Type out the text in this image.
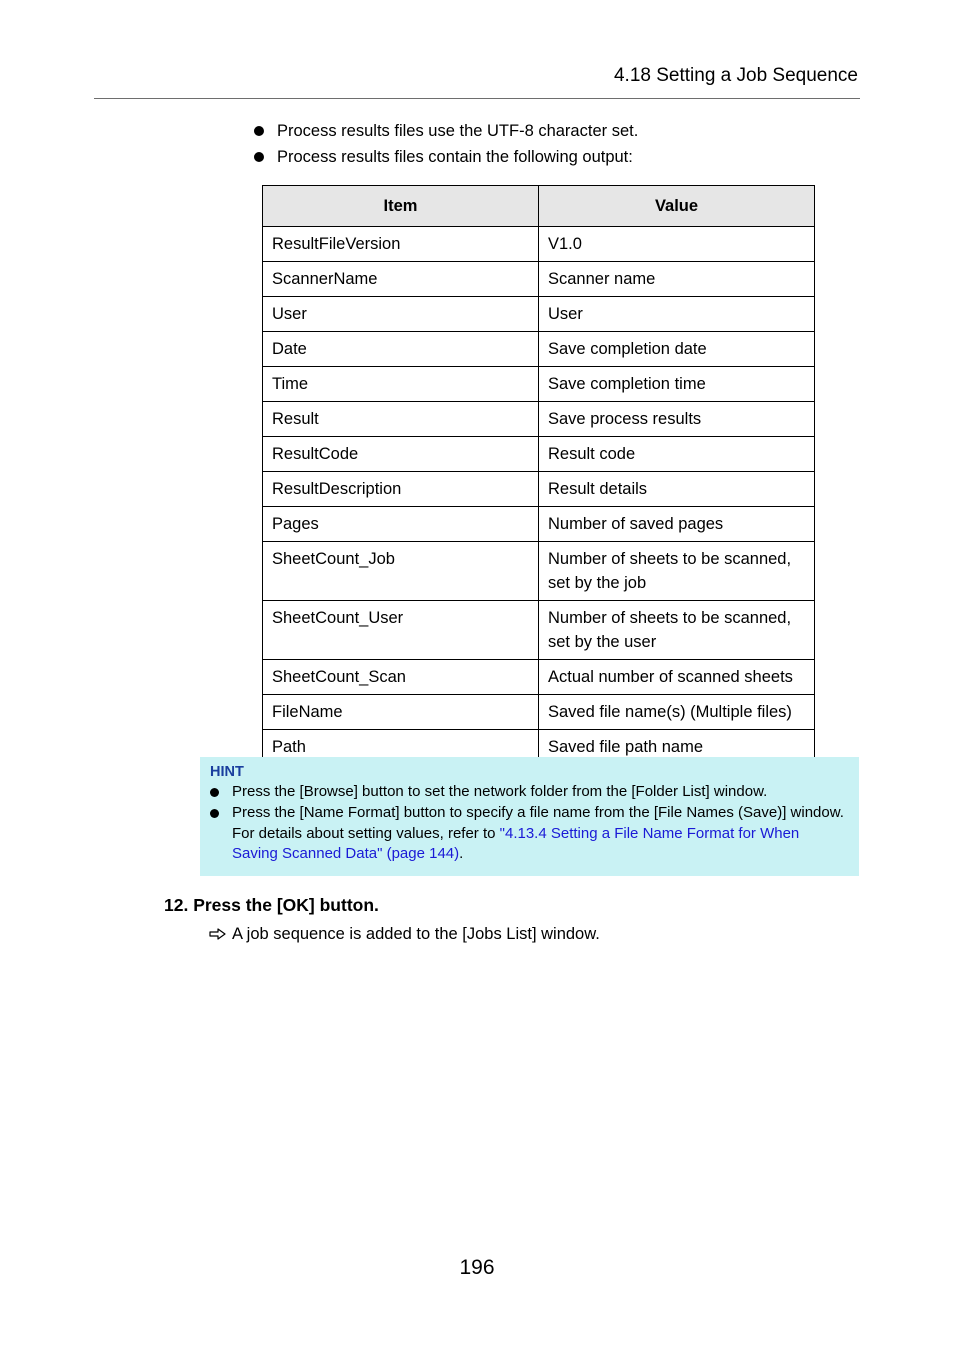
4.18 Setting a Job Sequence
Process results files use the UTF-8 character set.
Process results files contain the following output:
Item	Value
ResultFileVersion	V1.0
ScannerName	Scanner name
User	User
Date	Save completion date
Time	Save completion time
Result	Save process results
ResultCode	Result code
ResultDescription	Result details
Pages	Number of saved pages
SheetCount_Job	Number of sheets to be scanned, set by the job
SheetCount_User	Number of sheets to be scanned, set by the user
SheetCount_Scan	Actual number of scanned sheets
FileName	Saved file name(s) (Multiple files)
Path	Saved file path name
HINT
Press the [Browse] button to set the network folder from the [Folder List] window.
Press the [Name Format] button to specify a file name from the [File Names (Save)] window. For details about setting values, refer to "4.13.4 Setting a File Name Format for When Saving Scanned Data" (page 144).
12. Press the [OK] button.
A job sequence is added to the [Jobs List] window.
196
